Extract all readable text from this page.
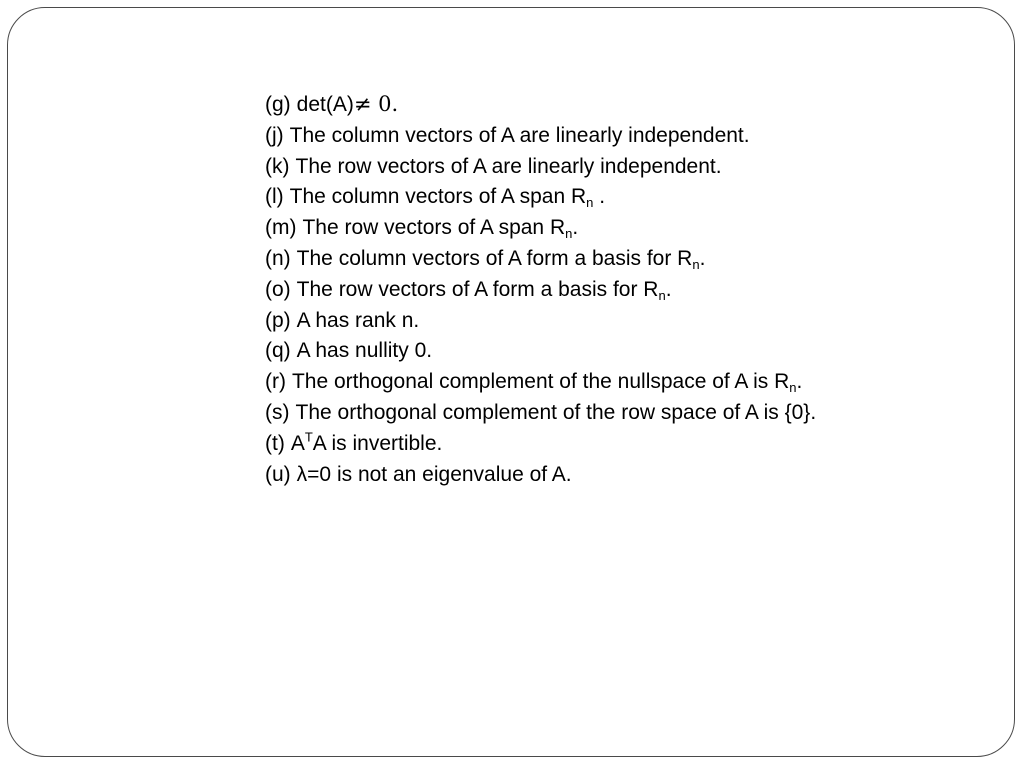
(g) det(A)≠ 0.
(j) The column vectors of A are linearly independent.
(k) The row vectors of A are linearly independent.
(l) The column vectors of A span $R_n$ .
(m) The row vectors of A span $R_n$.
(n) The column vectors of A form a basis for $R_n$.
(o) The row vectors of A form a basis for $R_n$.
(p) A has rank n.
(q) A has nullity 0.
(r) The orthogonal complement of the nullspace of A is $R_n$.
(s) The orthogonal complement of the row space of A is {0}.
(t) $A^TA$ is invertible.
(u) λ=0 is not an eigenvalue of A.
